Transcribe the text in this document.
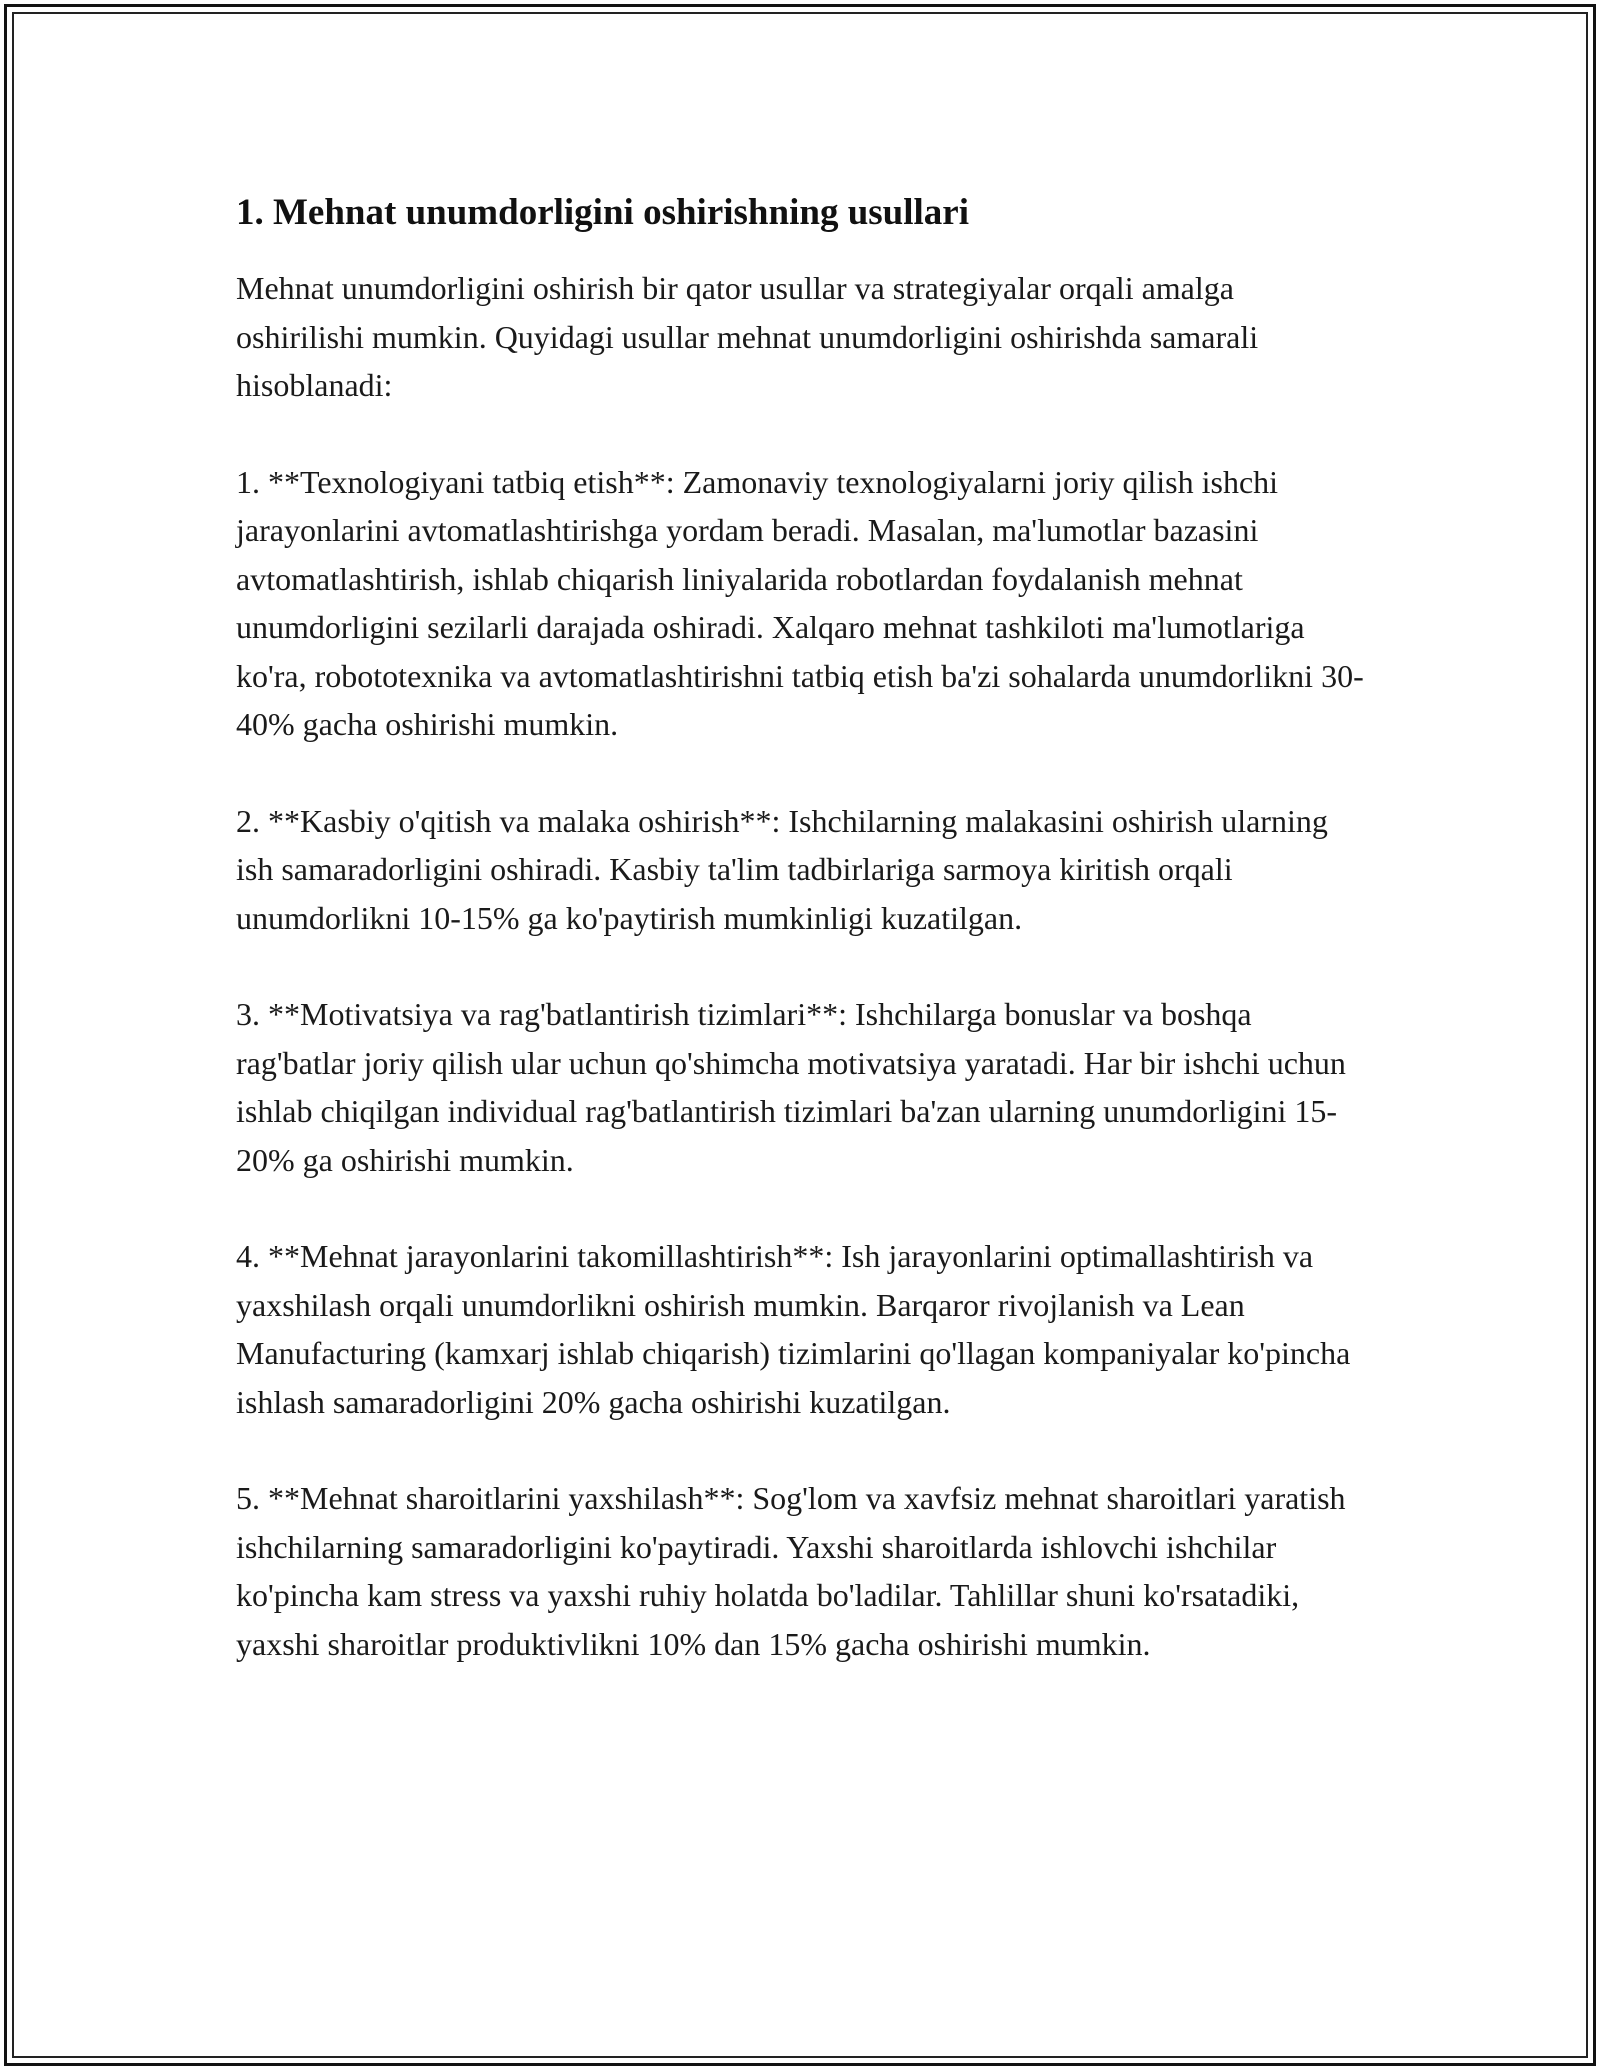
1. Mehnat unumdorligini oshirishning usullari

Mehnat unumdorligini oshirish bir qator usullar va strategiyalar orqali amalga oshirilishi mumkin. Quyidagi usullar mehnat unumdorligini oshirishda samarali hisoblanadi:

1. **Texnologiyani tatbiq etish**: Zamonaviy texnologiyalarni joriy qilish ishchi jarayonlarini avtomatlashtirishga yordam beradi. Masalan, ma'lumotlar bazasini avtomatlashtirish, ishlab chiqarish liniyalarida robotlardan foydalanish mehnat unumdorligini sezilarli darajada oshiradi. Xalqaro mehnat tashkiloti ma'lumotlariga ko'ra, robototexnika va avtomatlashtirishni tatbiq etish ba'zi sohalarda unumdorlikni 30-40% gacha oshirishi mumkin.

2. **Kasbiy o'qitish va malaka oshirish**: Ishchilarning malakasini oshirish ularning ish samaradorligini oshiradi. Kasbiy ta'lim tadbirlariga sarmoya kiritish orqali unumdorlikni 10-15% ga ko'paytirish mumkinligi kuzatilgan.

3. **Motivatsiya va rag'batlantirish tizimlari**: Ishchilarga bonuslar va boshqa rag'batlar joriy qilish ular uchun qo'shimcha motivatsiya yaratadi. Har bir ishchi uchun ishlab chiqilgan individual rag'batlantirish tizimlari ba'zan ularning unumdorligini 15-20% ga oshirishi mumkin.

4. **Mehnat jarayonlarini takomillashtirish**: Ish jarayonlarini optimallashtirish va yaxshilash orqali unumdorlikni oshirish mumkin. Barqaror rivojlanish va Lean Manufacturing (kamxarj ishlab chiqarish) tizimlarini qo'llagan kompaniyalar ko'pincha ishlash samaradorligini 20% gacha oshirishi kuzatilgan.

5. **Mehnat sharoitlarini yaxshilash**: Sog'lom va xavfsiz mehnat sharoitlari yaratish ishchilarning samaradorligini ko'paytiradi. Yaxshi sharoitlarda ishlovchi ishchilar ko'pincha kam stress va yaxshi ruhiy holatda bo'ladilar. Tahlillar shuni ko'rsatadiki, yaxshi sharoitlar produktivlikni 10% dan 15% gacha oshirishi mumkin.
